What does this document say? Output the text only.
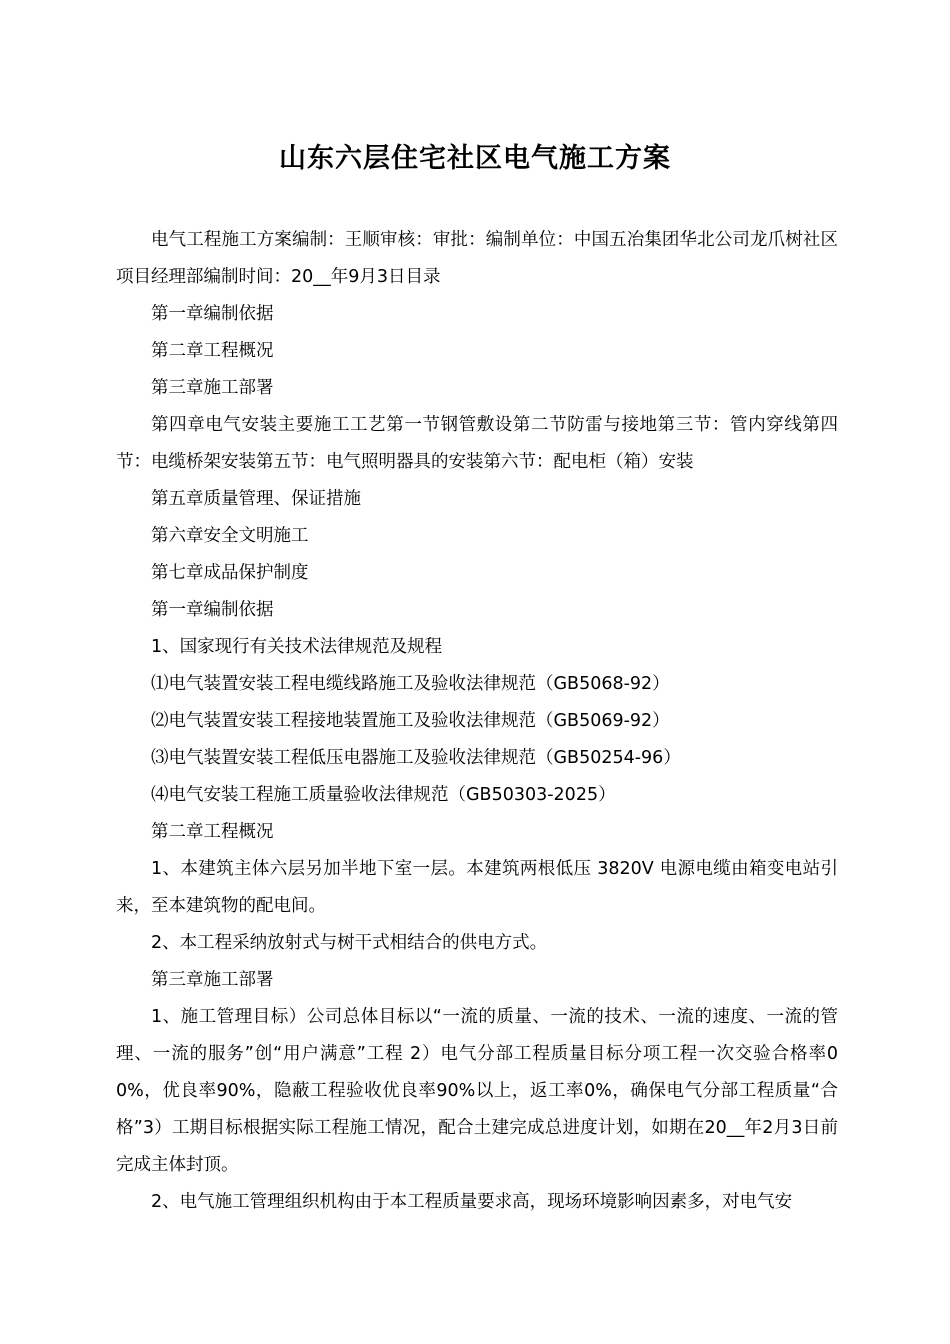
山东六层住宅社区电气施工方案

电气工程施工方案编制：王顺审核：审批：编制单位：中国五冶集团华北公司龙爪树社区项目经理部编制时间：20__年9月3日目录

第一章编制依据

第二章工程概况

第三章施工部署

第四章电气安装主要施工工艺第一节钢管敷设第二节防雷与接地第三节：管内穿线第四节：电缆桥架安装第五节：电气照明器具的安装第六节：配电柜（箱）安装

第五章质量管理、保证措施

第六章安全文明施工

第七章成品保护制度

第一章编制依据

1、国家现行有关技术法律规范及规程

⑴电气装置安装工程电缆线路施工及验收法律规范（GB5068-92）

⑵电气装置安装工程接地装置施工及验收法律规范（GB5069-92）

⑶电气装置安装工程低压电器施工及验收法律规范（GB50254-96）

⑷电气安装工程施工质量验收法律规范（GB50303-2025）

第二章工程概况

1、本建筑主体六层另加半地下室一层。本建筑两根低压 3820V 电源电缆由箱变电站引来，至本建筑物的配电间。

2、本工程采纳放射式与树干式相结合的供电方式。

第三章施工部署

1、施工管理目标）公司总体目标以“一流的质量、一流的技术、一流的速度、一流的管理、一流的服务”创“用户满意”工程 2）电气分部工程质量目标分项工程一次交验合格率00%，优良率90%，隐蔽工程验收优良率90%以上，返工率0%，确保电气分部工程质量“合格”3）工期目标根据实际工程施工情况，配合土建完成总进度计划，如期在20__年2月3日前完成主体封顶。

2、电气施工管理组织机构由于本工程质量要求高，现场环境影响因素多，对电气安
